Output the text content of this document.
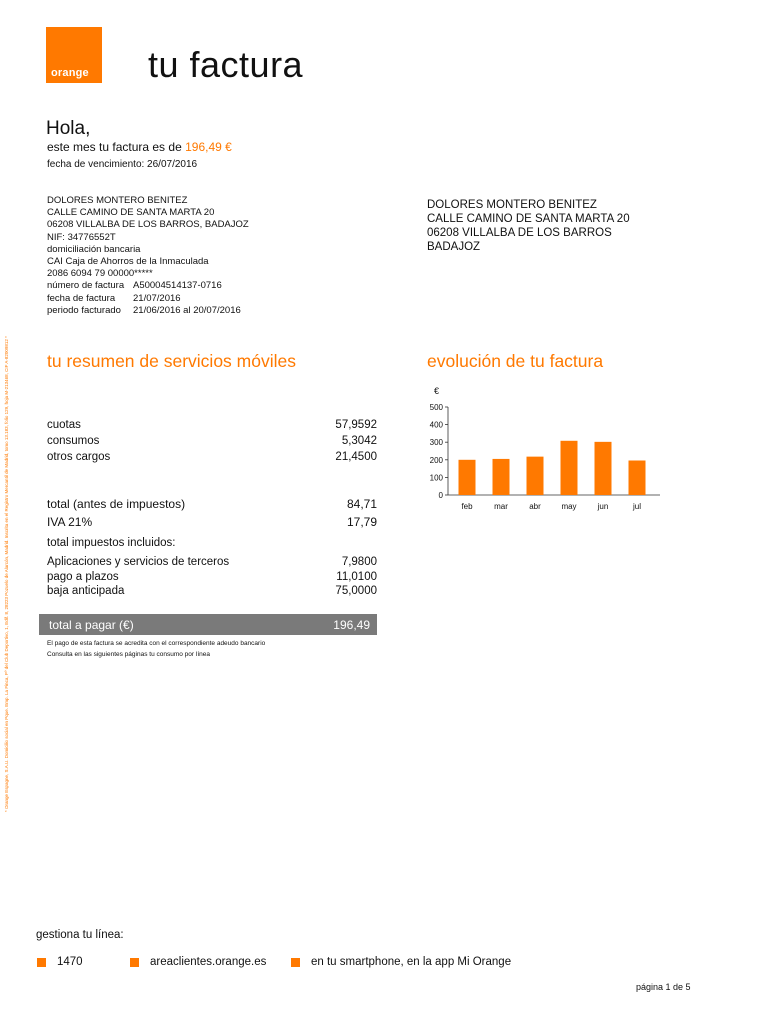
orange tu factura
Hola,
este mes tu factura es de 196,49 €
fecha de vencimiento: 26/07/2016
DOLORES MONTERO BENITEZ
CALLE CAMINO DE SANTA MARTA 20
06208 VILLALBA DE LOS BARROS, BADAJOZ
NIF: 34776552T
domiciliación bancaria
CAI Caja de Ahorros de la Inmaculada
2086 6094 79 00000*****
número de factura A50004514137-0716
fecha de factura 21/07/2016
periodo facturado 21/06/2016 al 20/07/2016
DOLORES MONTERO BENITEZ
CALLE CAMINO DE SANTA MARTA 20
06208 VILLALBA DE LOS BARROS
BADAJOZ
tu resumen de servicios móviles	evolución de tu factura
cuotas	57,9592
consumos	5,3042
otros cargos	21,4500
total (antes de impuestos)	84,71
IVA 21%	17,79
total impuestos incluidos:
Aplicaciones y servicios de terceros	7,9800
pago a plazos	11,0100
baja anticipada	75,0000
total a pagar (€)	196,49
El pago de esta factura se acredita con el correspondiente adeudo bancario
Consulta en las siguientes páginas tu consumo por línea
€
0
100
200
300
400
500
feb	mar	abr	may	jun	jul
* Orange Espagne, S.A.U. Domicilio social en Pque. Emp. La Finca, Pº del Club Deportivo, 1, Edif. 8, 28223 Pozuelo de Alarcón, Madrid. Inscrita en el Registro Mercantil de Madrid, tomo 13.183, folio 129, hoja M-213468, CIF A-82009812 *
gestiona tu línea:
1470	areaclientes.orange.es	en tu smartphone, en la app Mi Orange
página 1 de 5
